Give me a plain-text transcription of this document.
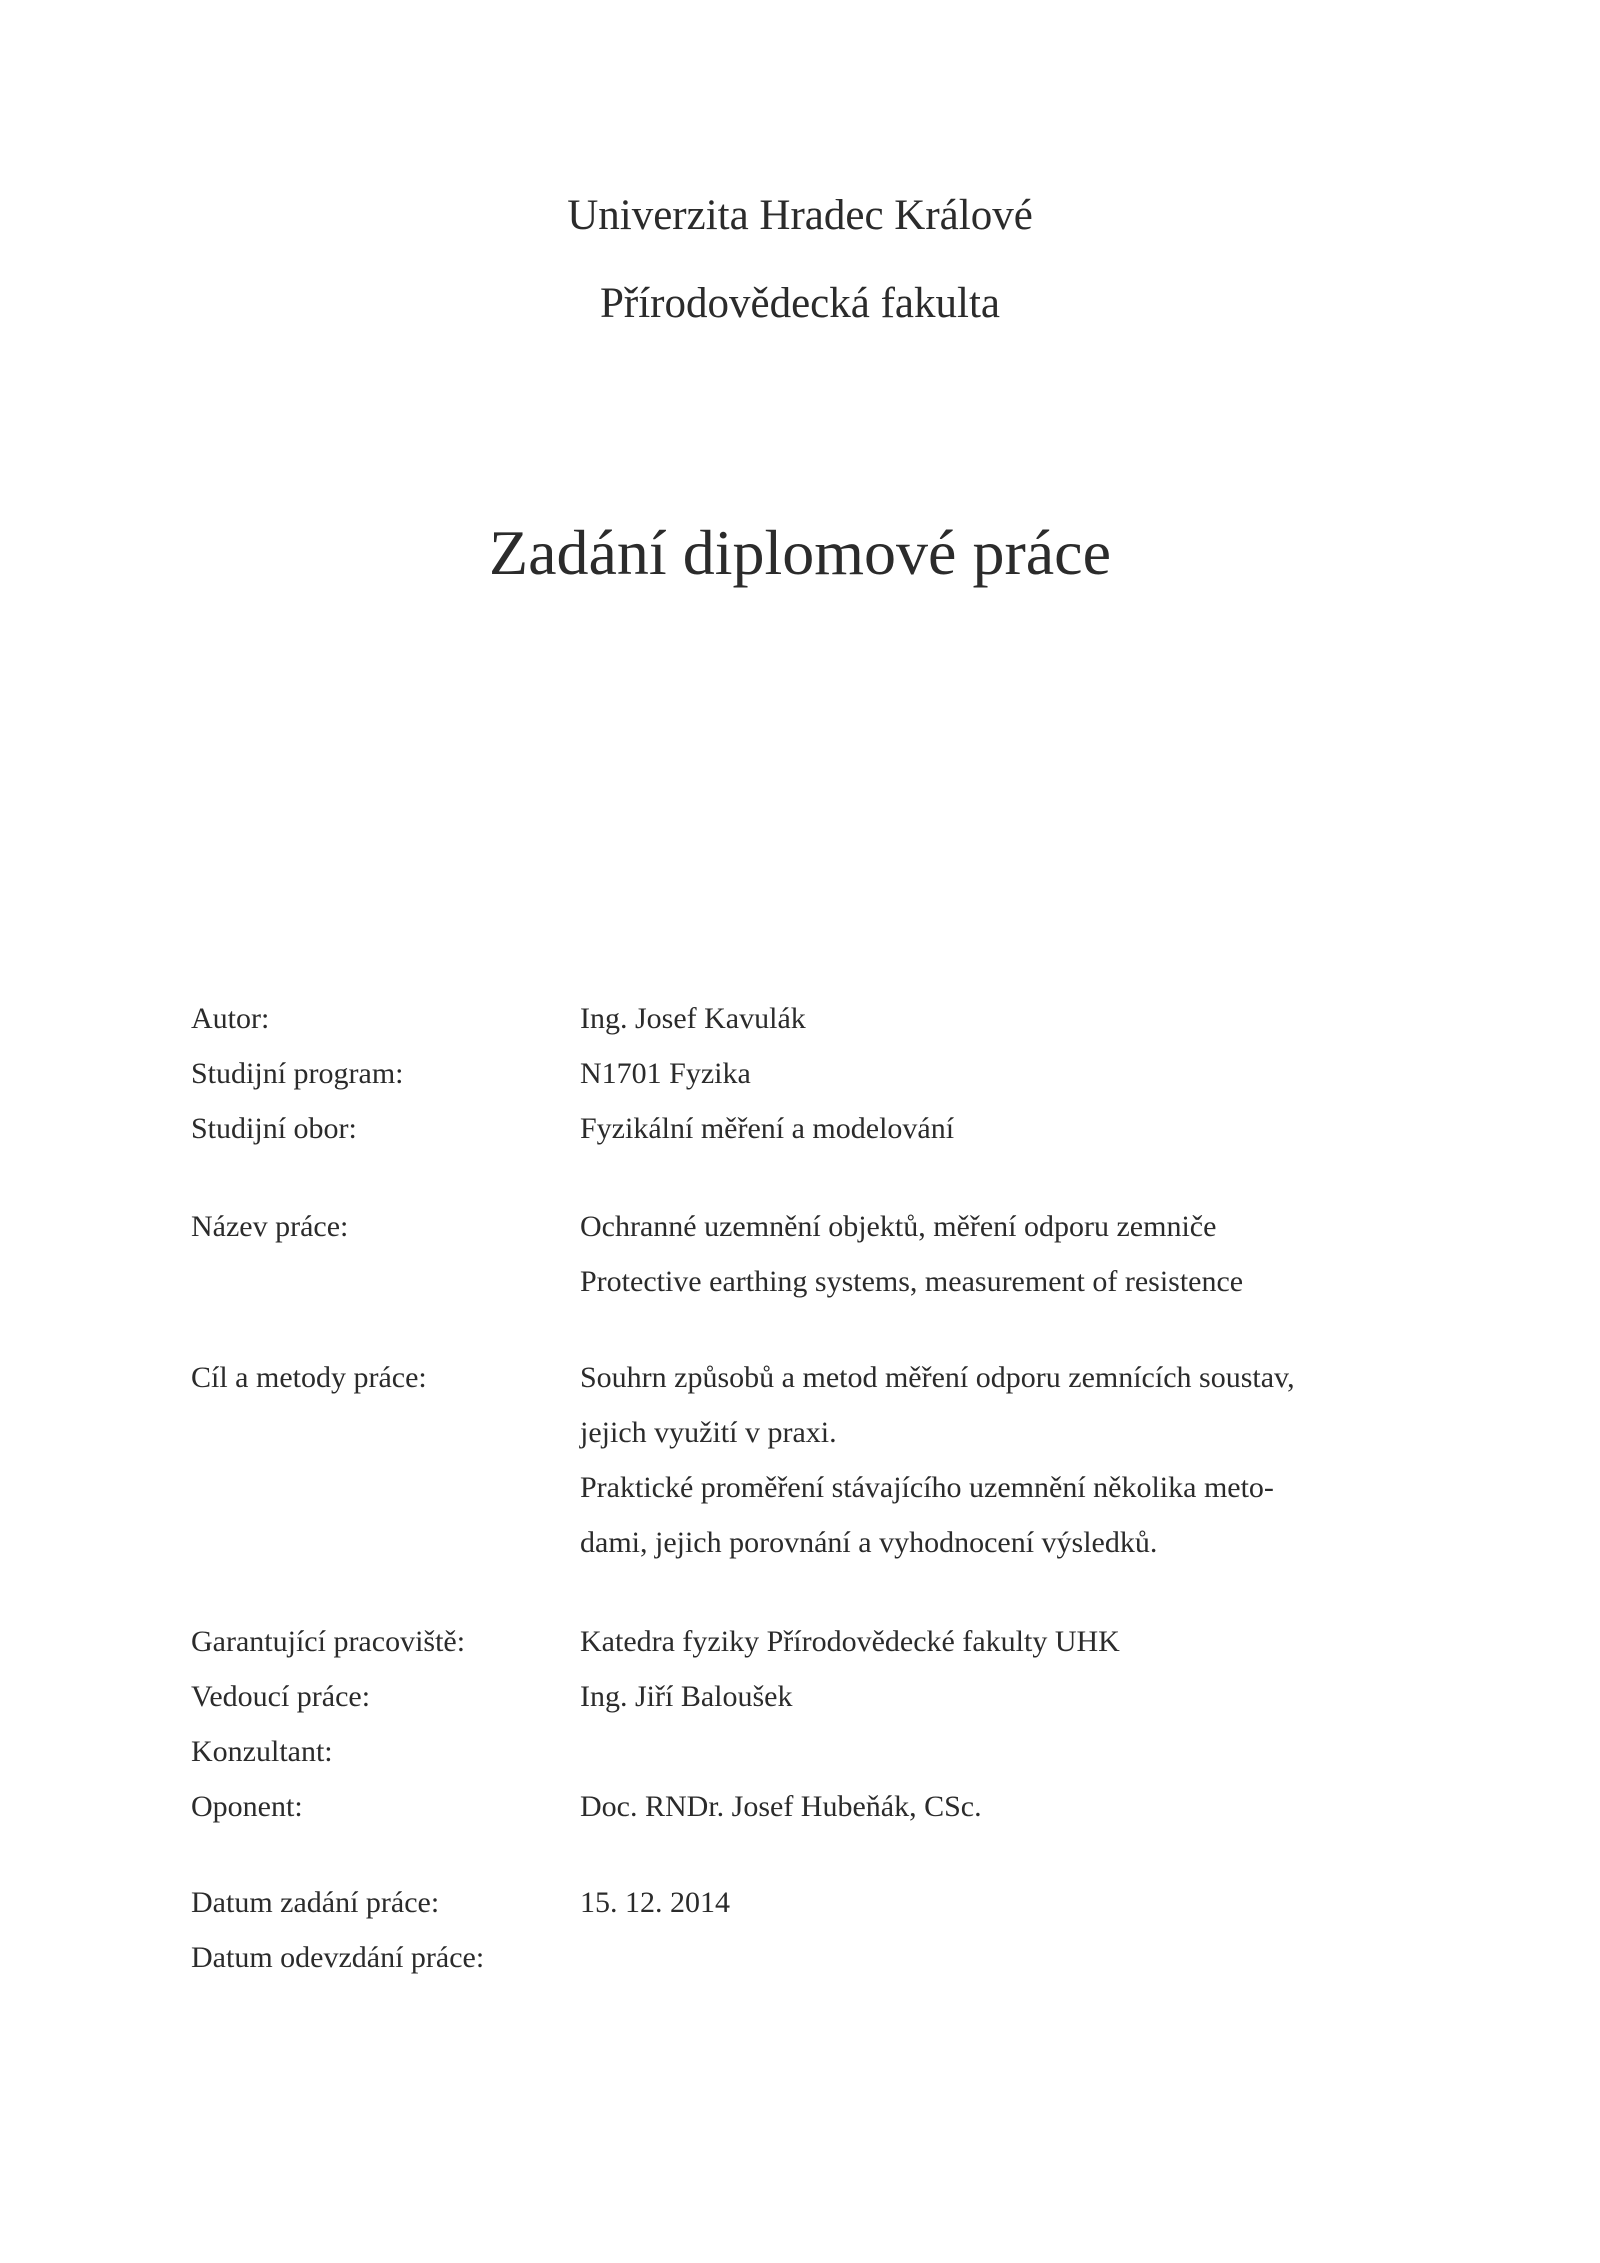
Univerzita Hradec Králové
Přírodovědecká fakulta
Zadání diplomové práce
Autor:
Studijní program:
Studijní obor:
Ing. Josef Kavulák
N1701 Fyzika
Fyzikální měření a modelování
Název práce:	Ochranné uzemnění objektů, měření odporu zemniče
Protective earthing systems, measurement of resistence
Cíl a metody práce:	Souhrn způsobů a metod měření odporu zemnících soustav,
jejich využití v praxi.
Praktické proměření stávajícího uzemnění několika meto-
dami, jejich porovnání a vyhodnocení výsledků.
Garantující pracoviště:
Vedoucí práce:
Konzultant:
Oponent:
Katedra fyziky Přírodovědecké fakulty UHK
Ing. Jiří Baloušek
Doc. RNDr. Josef Hubeňák, CSc.
Datum zadání práce:
Datum odevzdání práce:
15. 12. 2014
